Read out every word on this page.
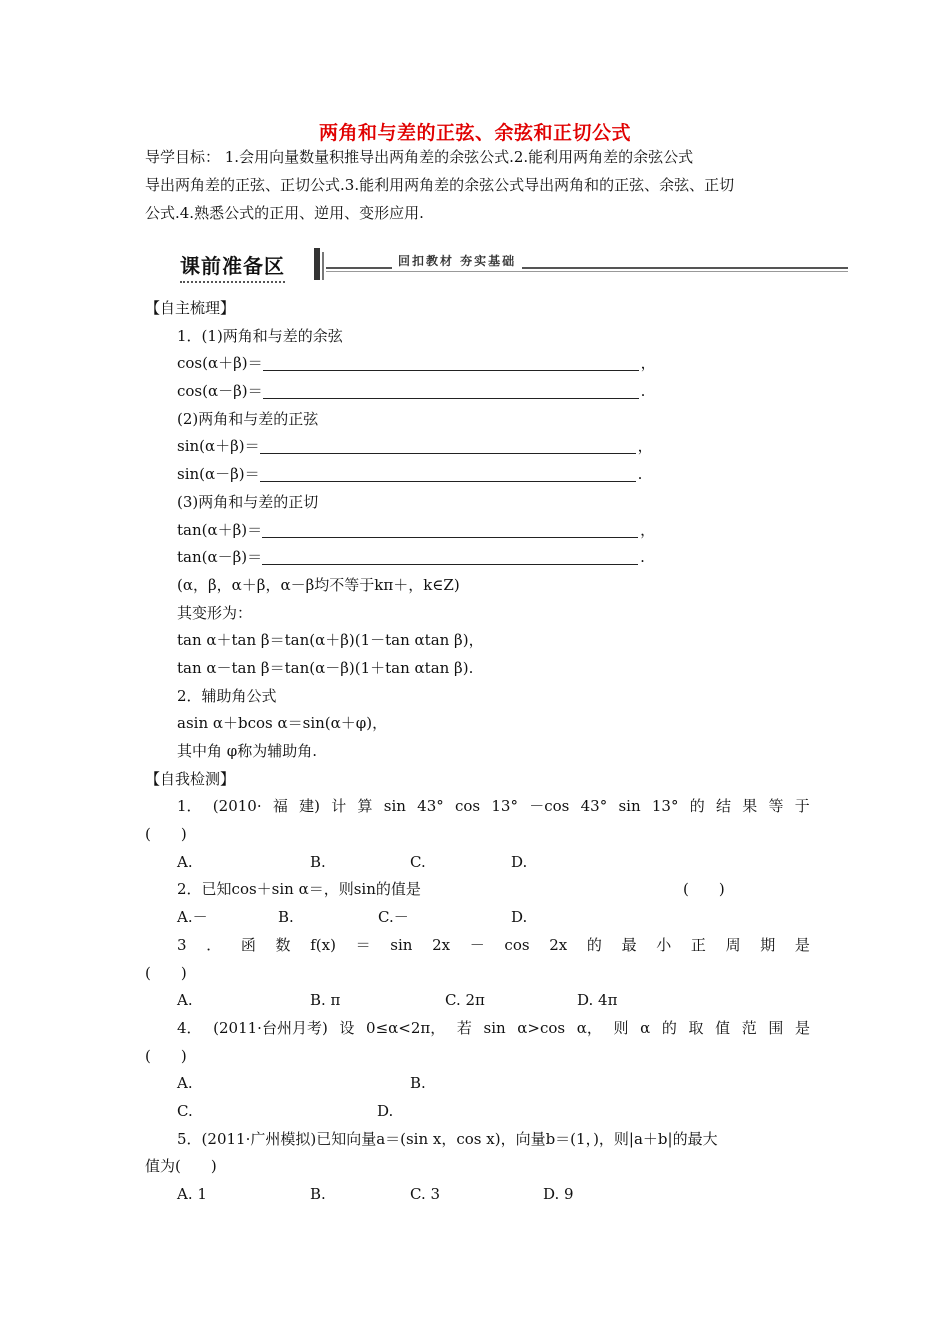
两角和与差的正弦、余弦和正切公式
导学目标： 1.会用向量数量积推导出两角差的余弦公式.2.能利用两角差的余弦公式
导出两角差的正弦、正切公式.3.能利用两角差的余弦公式导出两角和的正弦、余弦、正切
公式.4.熟悉公式的正用、逆用、变形应用.
课前准备区	回扣教材 夯实基础
【自主梳理】
1．(1)两角和与差的余弦
cos(α＋β)＝	，
cos(α－β)＝	.
(2)两角和与差的正弦
sin(α＋β)＝	，
sin(α－β)＝	.
(3)两角和与差的正切
tan(α＋β)＝	，
tan(α－β)＝	.
(α，β，α＋β，α－β均不等于kπ＋，k∈Z)
其变形为：
tan α＋tan β＝tan(α＋β)(1－tan αtan β)，
tan α－tan β＝tan(α－β)(1＋tan αtan β).
2．辅助角公式
asin α＋bcos α＝sin(α＋φ)，
其中角 φ称为辅助角.
【自我检测】
1． (2010· 福 建) 计 算 sin 43° cos 13° －cos 43° sin 13° 的 结 果 等 于
(　　)
A.	B.	C.	D.
2．已知cos＋sin α＝，则sin的值是	(　　)
A.－	B.	C.－	D.
3 ． 函 数 f(x) ＝ sin 2x － cos 2x 的 最 小 正 周 期 是
(　　)
A.	B. π	C. 2π	D. 4π
4． (2011·台州月考) 设 0≤α<2π， 若 sin α>cos α， 则 α 的 取 值 范 围 是
(　　)
A.	B.
C.	D.
5．(2011·广州模拟)已知向量a＝(sin x，cos x)，向量b＝(1，)，则|a＋b|的最大
值为(　　)
A. 1	B.	C. 3	D. 9
